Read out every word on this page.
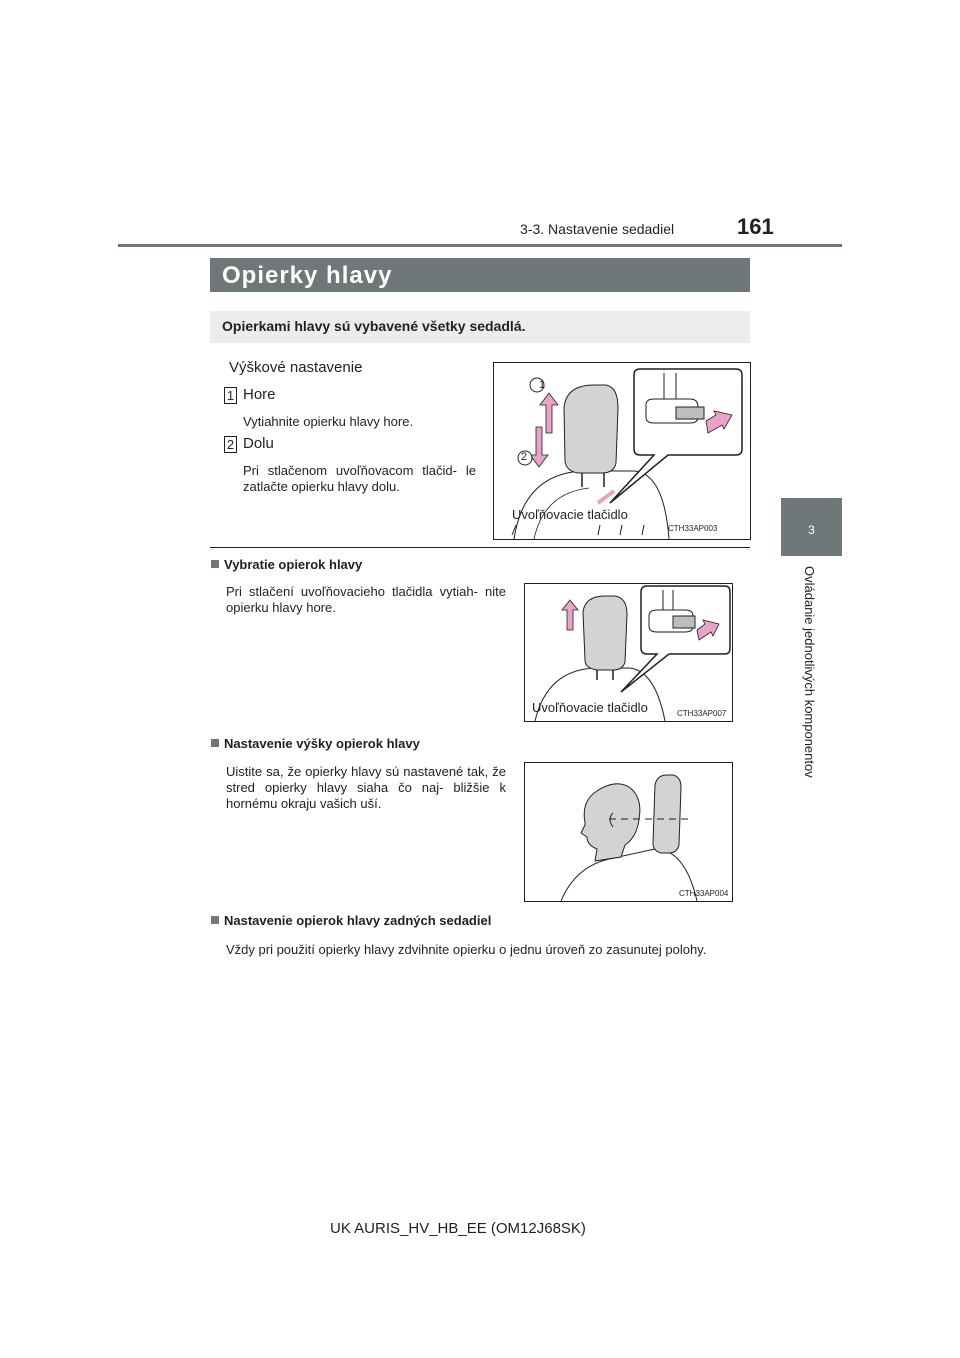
3-3. Nastavenie sedadiel	161
3
Ovládanie jednotlivých komponentov
Opierky hlavy
Opierkami hlavy sú vybavené všetky sedadlá.
Výškové nastavenie
1 Hore
Vytiahnite opierku hlavy hore.
2 Dolu
Pri stlačenom uvoľňovacom tlačid- le zatlačte opierku hlavy dolu.
1
2
Uvoľňovacie tlačidlo
CTH33AP003
Vybratie opierok hlavy
Pri stlačení uvoľňovacieho tlačidla vytiah- nite opierku hlavy hore.
Uvoľňovacie tlačidlo	CTH33AP007
Nastavenie výšky opierok hlavy
Uistite sa, že opierky hlavy sú nastavené tak, že stred opierky hlavy siaha čo naj- bližšie k hornému okraju vašich uší.
CTH33AP004
Nastavenie opierok hlavy zadných sedadiel
Vždy pri použití opierky hlavy zdvihnite opierku o jednu úroveň zo zasunutej polohy.
UK AURIS_HV_HB_EE (OM12J68SK)
